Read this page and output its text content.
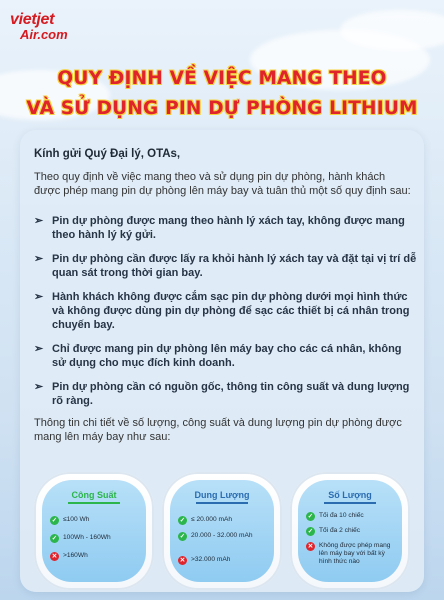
vietjet
Air.com
QUY ĐỊNH VỀ VIỆC MANG THEO
VÀ SỬ DỤNG PIN DỰ PHÒNG LITHIUM
Kính gửi Quý Đại lý, OTAs,
Theo quy định về việc mang theo và sử dụng pin dự phòng, hành khách được phép mang pin dự phòng lên máy bay và tuân thủ một số quy định sau:
➢ Pin dự phòng được mang theo hành lý xách tay, không được mang theo hành lý ký gửi.
➢ Pin dự phòng cần được lấy ra khỏi hành lý xách tay và đặt tại vị trí dễ quan sát trong thời gian bay.
➢ Hành khách không được cắm sạc pin dự phòng dưới mọi hình thức và không được dùng pin dự phòng để sạc các thiết bị cá nhân trong chuyến bay.
➢ Chỉ được mang pin dự phòng lên máy bay cho các cá nhân, không sử dụng cho mục đích kinh doanh.
➢ Pin dự phòng cần có nguồn gốc, thông tin công suất và dung lượng rõ ràng.
Thông tin chi tiết về số lượng, công suất và dung lượng pin dự phòng được mang lên máy bay như sau:
Công Suất
✓ ≤100 Wh
✓ 100Wh - 160Wh
✕ >160Wh
Dung Lượng
✓ ≤ 20.000 mAh
✓ 20.000 - 32.000 mAh
✕ >32.000 mAh
Số Lượng
✓ Tối đa 10 chiếc
✓ Tối đa 2 chiếc
✕ Không được phép mang lên máy bay với bất kỳ hình thức nào
